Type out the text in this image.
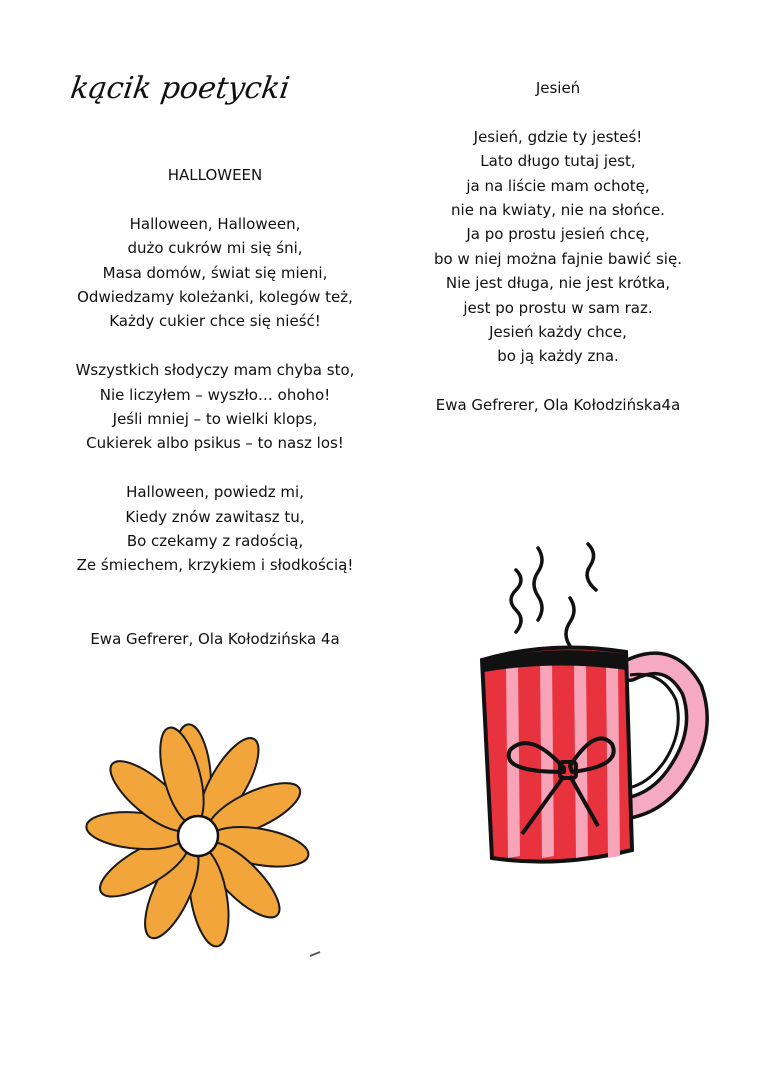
kącik poetycki
HALLOWEEN
Halloween, Halloween,
dużo cukrów mi się śni,
Masa domów, świat się mieni,
Odwiedzamy koleżanki, kolegów też,
Każdy cukier chce się nieść!
Wszystkich słodyczy mam chyba sto,
Nie liczyłem – wyszło… ohoho!
Jeśli mniej – to wielki klops,
Cukierek albo psikus – to nasz los!
Halloween, powiedz mi,
Kiedy znów zawitasz tu,
Bo czekamy z radością,
Ze śmiechem, krzykiem i słodkością!
Ewa Gefrerer, Ola Kołodzińska 4a
Jesień
Jesień, gdzie ty jesteś!
Lato długo tutaj jest,
ja na liście mam ochotę,
nie na kwiaty, nie na słońce.
Ja po prostu jesień chcę,
bo w niej można fajnie bawić się.
Nie jest długa, nie jest krótka,
jest po prostu w sam raz.
Jesień każdy chce,
bo ją każdy zna.
Ewa Gefrerer, Ola Kołodzińska4a
